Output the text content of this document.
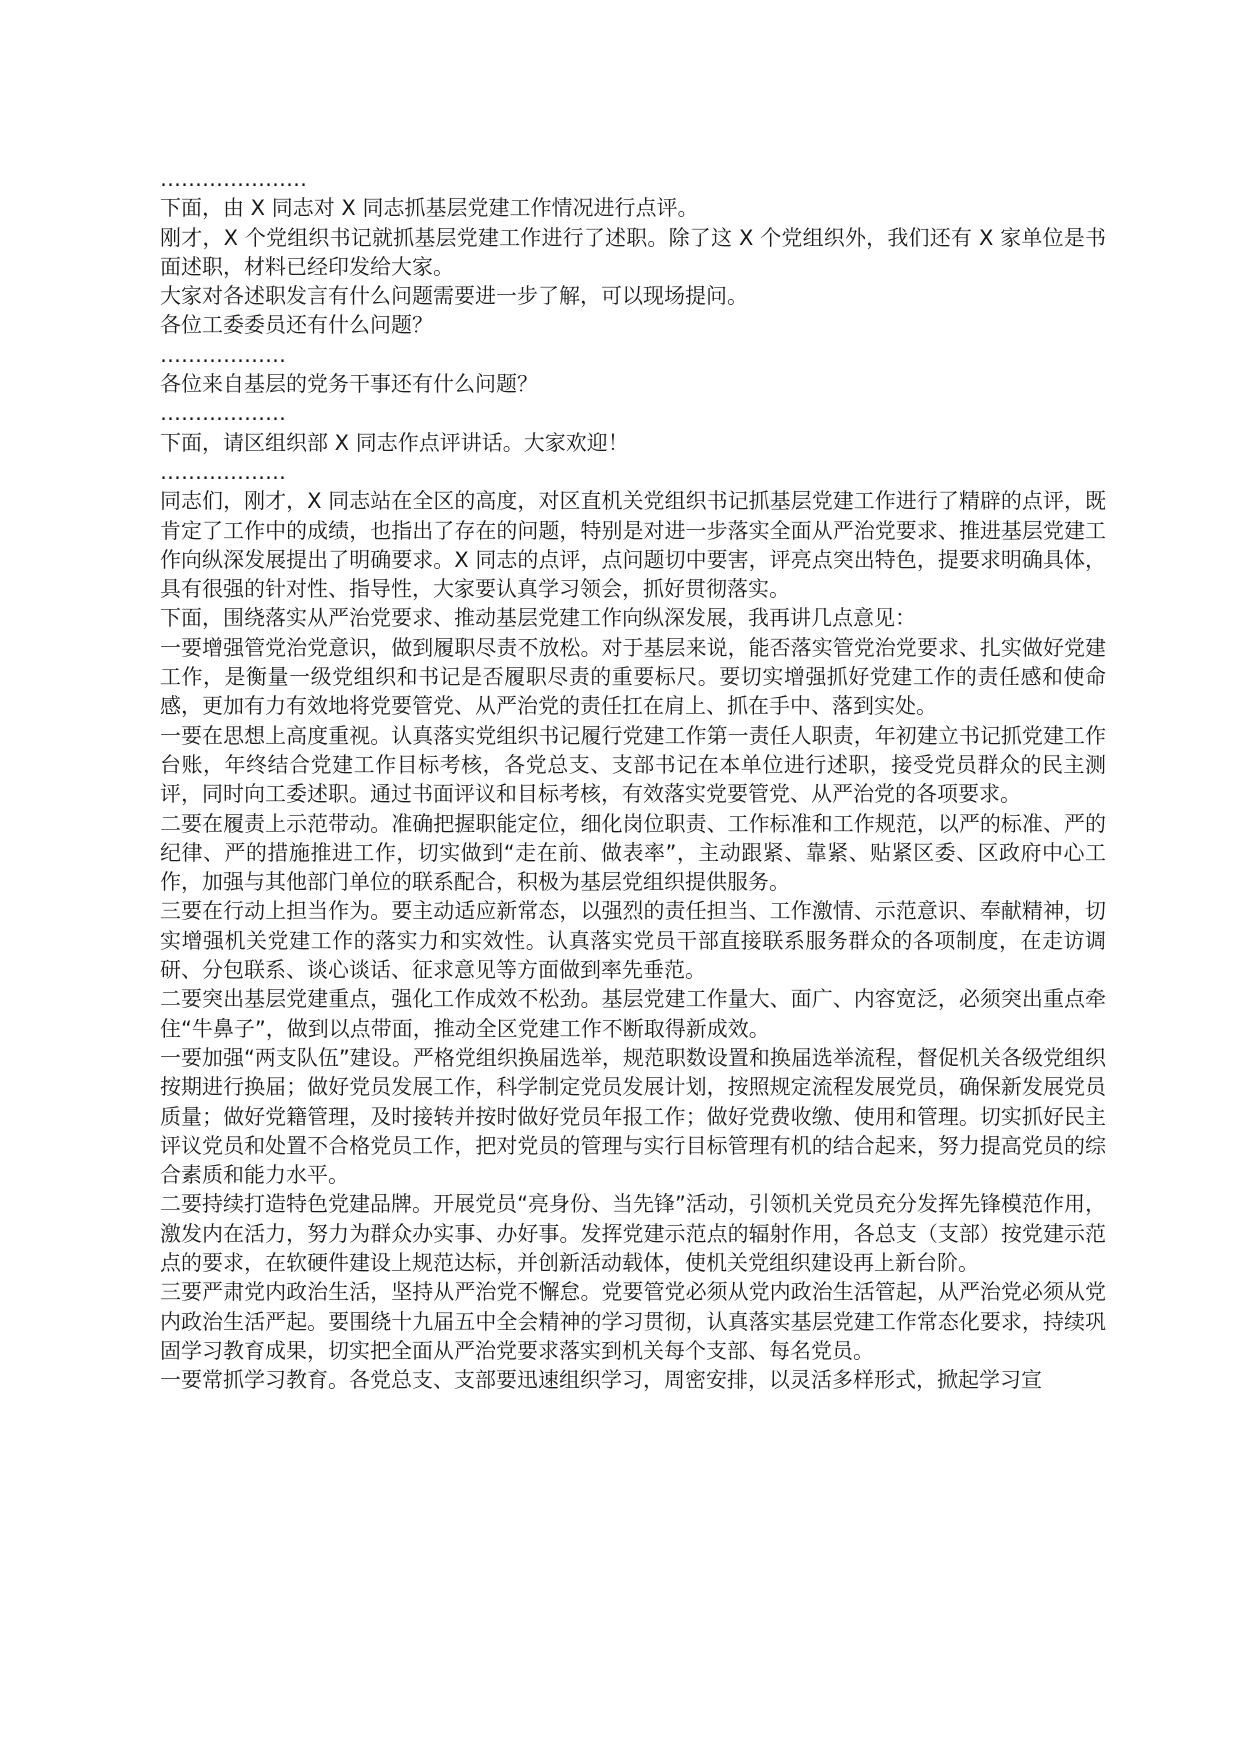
…………………

下面，由 X 同志对 X 同志抓基层党建工作情况进行点评。

刚才，X 个党组织书记就抓基层党建工作进行了述职。除了这 X 个党组织外，我们还有 X 家单位是书面述职，材料已经印发给大家。

大家对各述职发言有什么问题需要进一步了解，可以现场提问。

各位工委委员还有什么问题？

………………

各位来自基层的党务干事还有什么问题？

………………

下面，请区组织部 X 同志作点评讲话。大家欢迎！

………………

同志们，刚才，X 同志站在全区的高度，对区直机关党组织书记抓基层党建工作进行了精辟的点评，既肯定了工作中的成绩，也指出了存在的问题，特别是对进一步落实全面从严治党要求、推进基层党建工作向纵深发展提出了明确要求。X 同志的点评，点问题切中要害，评亮点突出特色，提要求明确具体，具有很强的针对性、指导性，大家要认真学习领会，抓好贯彻落实。

下面，围绕落实从严治党要求、推动基层党建工作向纵深发展，我再讲几点意见：

一要增强管党治党意识，做到履职尽责不放松。对于基层来说，能否落实管党治党要求、扎实做好党建工作，是衡量一级党组织和书记是否履职尽责的重要标尺。要切实增强抓好党建工作的责任感和使命感，更加有力有效地将党要管党、从严治党的责任扛在肩上、抓在手中、落到实处。

一要在思想上高度重视。认真落实党组织书记履行党建工作第一责任人职责，年初建立书记抓党建工作台账，年终结合党建工作目标考核，各党总支、支部书记在本单位进行述职，接受党员群众的民主测评，同时向工委述职。通过书面评议和目标考核，有效落实党要管党、从严治党的各项要求。

二要在履责上示范带动。准确把握职能定位，细化岗位职责、工作标准和工作规范，以严的标准、严的纪律、严的措施推进工作，切实做到“走在前、做表率”，主动跟紧、靠紧、贴紧区委、区政府中心工作，加强与其他部门单位的联系配合，积极为基层党组织提供服务。

三要在行动上担当作为。要主动适应新常态，以强烈的责任担当、工作激情、示范意识、奉献精神，切实增强机关党建工作的落实力和实效性。认真落实党员干部直接联系服务群众的各项制度，在走访调研、分包联系、谈心谈话、征求意见等方面做到率先垂范。

二要突出基层党建重点，强化工作成效不松劲。基层党建工作量大、面广、内容宽泛，必须突出重点牵住“牛鼻子”，做到以点带面，推动全区党建工作不断取得新成效。

一要加强“两支队伍”建设。严格党组织换届选举，规范职数设置和换届选举流程，督促机关各级党组织按期进行换届；做好党员发展工作，科学制定党员发展计划，按照规定流程发展党员，确保新发展党员质量；做好党籍管理，及时接转并按时做好党员年报工作；做好党费收缴、使用和管理。切实抓好民主评议党员和处置不合格党员工作，把对党员的管理与实行目标管理有机的结合起来，努力提高党员的综合素质和能力水平。

二要持续打造特色党建品牌。开展党员“亮身份、当先锋”活动，引领机关党员充分发挥先锋模范作用，激发内在活力，努力为群众办实事、办好事。发挥党建示范点的辐射作用，各总支（支部）按党建示范点的要求，在软硬件建设上规范达标，并创新活动载体，使机关党组织建设再上新台阶。

三要严肃党内政治生活，坚持从严治党不懈怠。党要管党必须从党内政治生活管起，从严治党必须从党内政治生活严起。要围绕十九届五中全会精神的学习贯彻，认真落实基层党建工作常态化要求，持续巩固学习教育成果，切实把全面从严治党要求落实到机关每个支部、每名党员。

一要常抓学习教育。各党总支、支部要迅速组织学习，周密安排，以灵活多样形式，掀起学习宣
